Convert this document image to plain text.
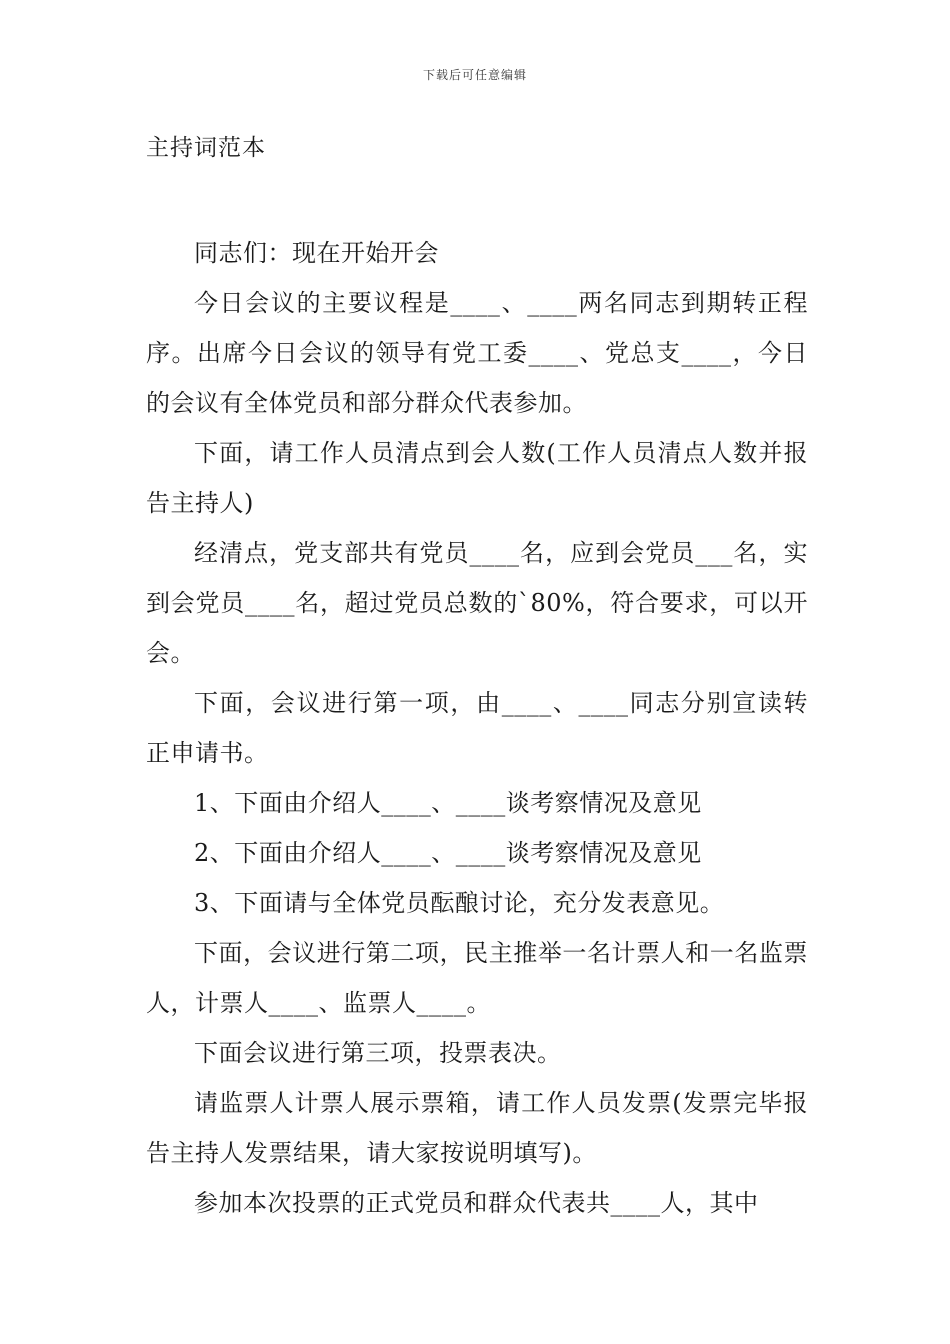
下载后可任意编辑
主持词范本

同志们：现在开始开会

今日会议的主要议程是____、____两名同志到期转正程序。出席今日会议的领导有党工委____、党总支____，今日的会议有全体党员和部分群众代表参加。

下面，请工作人员清点到会人数(工作人员清点人数并报告主持人)

经清点，党支部共有党员____名，应到会党员___名，实到会党员____名，超过党员总数的`80%，符合要求，可以开会。

下面，会议进行第一项，由____、____同志分别宣读转正申请书。

1、下面由介绍人____、____谈考察情况及意见

2、下面由介绍人____、____谈考察情况及意见

3、下面请与全体党员酝酿讨论，充分发表意见。

下面，会议进行第二项，民主推举一名计票人和一名监票人，计票人____、监票人____。

下面会议进行第三项，投票表决。

请监票人计票人展示票箱，请工作人员发票(发票完毕报告主持人发票结果，请大家按说明填写)。

参加本次投票的正式党员和群众代表共____人，其中
